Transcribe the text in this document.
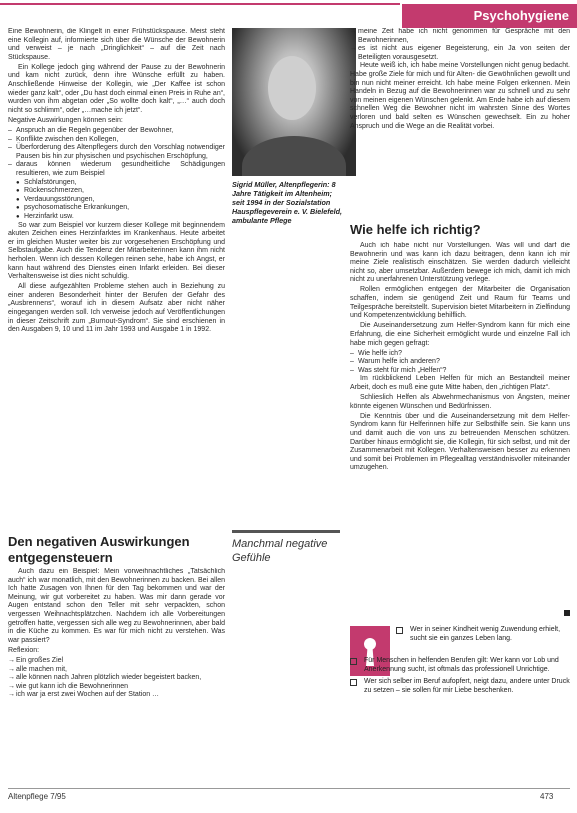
Psychohygiene

Eine Bewohnerin, die Klingelt in einer Frühstückspause. Meist steht eine Kollegin auf, informierte sich über die Wünsche der Bewohnerin und verweist – je nach „Dringlichkeit“ – auf die Zeit nach Stückspause.

Ein Kollege jedoch ging während der Pause zu der Bewohnerin und kam nicht zurück, denn ihre Wünsche erfüllt zu haben. Anschließende Hinweise der Kollegin, wie „Der Kaffee ist schon wieder ganz kalt“, oder „Du hast doch einmal einen Preis in Ruhe an“, wurden von ihm abgetan oder „So wollte doch kalt“, „…“ auch doch nicht so schlimm“, oder „…mache ich jetzt“.

Negative Auswirkungen können sein:

– Anspruch an die Regeln gegenüber der Bewohner,
– Konflikte zwischen den Kollegen,
– Überforderung des Altenpflegers durch den Vorschlag notwendiger Pausen bis hin zur physischen und psychischen Erschöpfung,
– daraus können wiederum gesundheitliche Schädigungen resultieren, wie zum Beispiel
● Schlafstörungen,
● Rückenschmerzen,
● Verdauungsstörungen,
● psychosomatische Erkrankungen,
● Herzinfarkt usw.

So war zum Beispiel vor kurzem dieser Kollege mit beginnendem akuten Zeichen eines Herzinfarktes im Krankenhaus. Heute arbeitet er im gleichen Muster weiter bis zur vorgesehenen Erschöpfung und Selbstaufgabe. Auch die Tendenz der Mitarbeiterinnen kann ihm nicht herholen. Wenn ich dessen Kollegen reinen sehe, habe ich Angst, er kann haut während des Dienstes einen Infarkt erleiden. Bei dieser Verhaltensweise ist dies nicht schuldig.

All diese aufgezählten Probleme stehen auch in Beziehung zu einer anderen Besonderheit hinter der Berufen der Gefahr des „Ausbrennens“, worauf ich in diesem Aufsatz aber nicht näher eingegangen werden soll. Ich verweise jedoch auf Veröffentlichungen in dieser Zeitschrift zum „Burnout-Syndrom“. Sie sind erschienen in den Ausgaben 9, 10 und 11 im Jahr 1993 und Ausgabe 1 in 1992.

Den negativen Auswirkungen entgegensteuern

Auch dazu ein Beispiel: Mein vorweihnachtliches „Tatsächlich auch“ ich war monatlich, mit den Bewohnerinnen zu backen. Bei allen Ich hatte Zusagen von Ihnen für den Tag bekommen und war der Meinung, wir gut vorbereitet zu haben. Was mir dann gerade vor Augen entstand schon den Teller mit sehr verpackten, schon vergessen Weihnachtsplätzchen. Nachdem ich alle Vorbereitungen getroffen hatte, vergessen sich alle weg zu Bewohnerinnen, aber bald in die Küche zu kommen. Es war für mich nicht zu verstehen. Was war passiert?

Reflexion:

→ Ein großes Ziel
→ alle machen mit,
→ alle können nach Jahren plötzlich wieder begeistert backen,
→ wie gut kann ich die Bewohnerinnen
→ ich war ja erst zwei Wochen auf der Station …
Sigrid Müller, Altenpflegerin: 8 Jahre Tätigkeit im Altenheim; seit 1994 in der Sozialstation Hauspflegeverein e. V. Bielefeld, ambulante Pflege
Manchmal negative Gefühle
→ meine Zeit habe ich nicht genommen für Gespräche mit den Bewohnerinnen,
→ es ist nicht aus eigener Begeisterung, ein Ja von seiten der Beteiligten vorausgesetzt.

Heute weiß ich, ich habe meine Vorstellungen nicht genug bedacht. Habe große Ziele für mich und für Alten- die Gewöhnlichen gewollt und bin nun nicht meiner erreicht. Ich habe meine Folgen erkennen. Mein Handeln in Bezug auf die Bewohnerinnen war zu schnell und zu sehr von meinen eigenen Wünschen gelenkt. Am Ende habe ich auf diesem schnellen Weg die Bewohner nicht im wahrsten Sinne des Wortes verloren und bald selten es Wünschen gewechselt. Ein zu hoher Anspruch und die Wege an die Realität vorbei.

Wie helfe ich richtig?

Auch ich habe nicht nur Vorstellungen. Was will und darf die Bewohnerin und was kann ich dazu beitragen, denn kann ich mir meine Ziele realistisch einschätzen. Sie werden dadurch vielleicht nicht so, aber umsetzbar. Außerdem bewege ich mich, damit ich mich nicht zu unerfahrenen Unterstützung verlege.

Rollen ermöglichen entgegen der Mitarbeiter die Organisation schaffen, indem sie genügend Zeit und Raum für Teams und Teilgespräche bereitstellt. Supervision bietet Mitarbeitern in Zielfindung und Kompetenzentwicklung behilflich.

Die Auseinandersetzung zum Helfer-Syndrom kann für mich eine Erfahrung, die eine Sicherheit ermöglicht wurde und einzelne Fall ich habe mich gegen gefragt:

– Wie helfe ich?
– Warum helfe ich anderen?
– Was steht für mich „Helfen“?

Im rückblickend Leben Helfen für mich an Bestandteil meiner Arbeit, doch es muß eine gute Mitte haben, den „richtigen Platz“.

Schlieslich Helfen als Abwehrmechanismus von Ängsten, meiner könnte eigenen Wünschen und Bedürfnissen.

Die Kenntnis über und die Auseinandersetzung mit dem Helfer-Syndrom kann für Helferinnen hilfe zur Selbsthilfe sein. Sie kann uns und damit auch die von uns zu betreuenden Menschen schützen. Darüber hinaus ermöglicht sie, die Kollegin, für sich selbst, und mit der Zusammenarbeit mit Kollegen. Verhaltensweisen besser zu erkennen und somit bei Problemen im Pflegealltag verständnisvoller miteinander umzugehen.

Wer in seiner Kindheit wenig Zuwendung erhielt, sucht sie ein ganzes Leben lang.
Für Menschen in helfenden Berufen gilt: Wer kann vor Lob und Anerkennung sucht, ist oftmals das professionell Unrichtige.
Wer sich selber im Beruf aufopfert, neigt dazu, andere unter Druck zu setzen – sie sollen für mir Liebe beschenken.
Altenpflege 7/95	473
